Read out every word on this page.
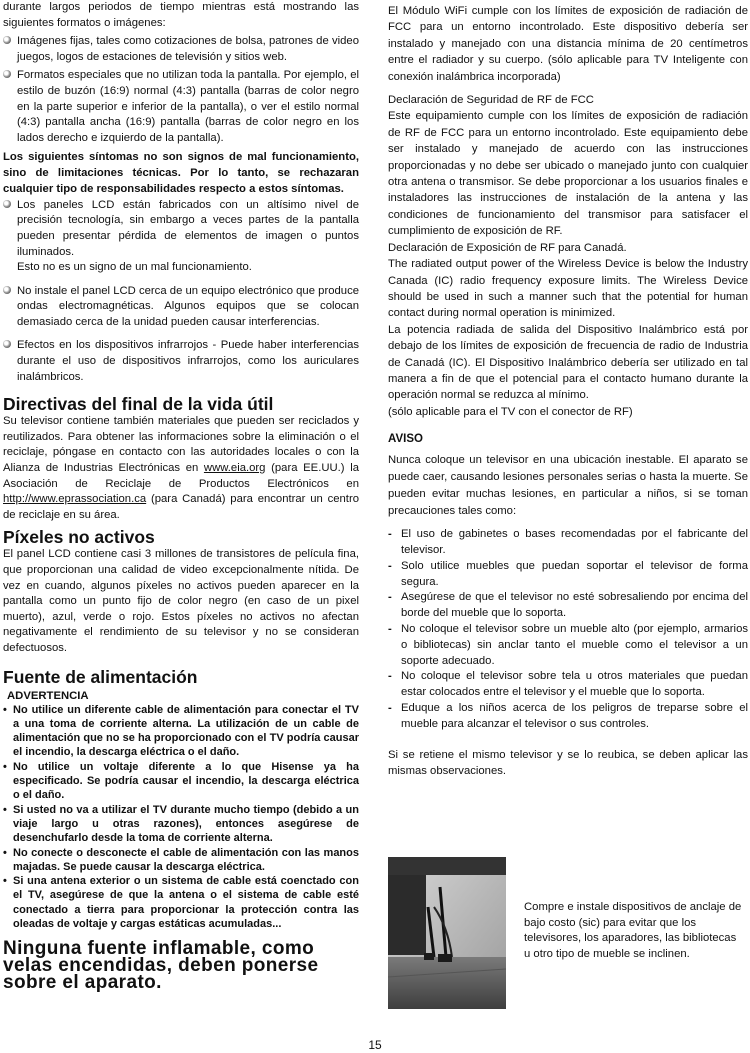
durante largos periodos de tiempo mientras está mostrando las siguientes formatos o imágenes:

Imágenes fijas, tales como cotizaciones de bolsa, patrones de video juegos, logos de estaciones de televisión y sitios web.
Formatos especiales que no utilizan toda la pantalla. Por ejemplo, el estilo de buzón (16:9) normal (4:3) pantalla (barras de color negro en la parte superior e inferior de la pantalla), o ver el estilo normal (4:3) pantalla ancha (16:9) pantalla (barras de color negro en los lados derecho e izquierdo de la pantalla).

Los siguientes síntomas no son signos de mal funcionamiento, sino de limitaciones técnicas. Por lo tanto, se rechazaran cualquier tipo de responsabilidades respecto a estos síntomas.

Los paneles LCD están fabricados con un altísimo nivel de precisión tecnología, sin embargo a veces partes de la pantalla pueden presentar pérdida de elementos de imagen o puntos iluminados.
Esto no es un signo de un mal funcionamiento.
No instale el panel LCD cerca de un equipo electrónico que produce ondas electromagnéticas. Algunos equipos que se colocan demasiado cerca de la unidad pueden causar interferencias.
Efectos en los dispositivos infrarrojos - Puede haber interferencias durante el uso de dispositivos infrarrojos, como los auriculares inalámbricos.
Directivas del final de la vida útil

Su televisor contiene también materiales que pueden ser reciclados y reutilizados. Para obtener las informaciones sobre la eliminación o el reciclaje, póngase en contacto con las autoridades locales o con la Alianza de Industrias Electrónicas en www.eia.org (para EE.UU.) la Asociación de Reciclaje de Productos Electrónicos en http://www.eprassociation.ca (para Canadá) para encontrar un centro de reciclaje en su área.

Píxeles no activos

El panel LCD contiene casi 3 millones de transistores de película fina, que proporcionan una calidad de video excepcionalmente nítida. De vez en cuando, algunos píxeles no activos pueden aparecer en la pantalla como un punto fijo de color negro (en caso de un pixel muerto), azul, verde o rojo. Estos píxeles no activos no afectan negativamente el rendimiento de su televisor y no se consideran defectuosos.

Fuente de alimentación
ADVERTENCIA
• No utilice un diferente cable de alimentación para conectar el TV a una toma de corriente alterna. La utilización de un cable de alimentación que no se ha proporcionado con el TV podría causar el incendio, la descarga eléctrica o el daño.
• No utilice un voltaje diferente a lo que Hisense ya ha especificado. Se podría causar el incendio, la descarga eléctrica o el daño.
• Si usted no va a utilizar el TV durante mucho tiempo (debido a un viaje largo u otras razones), entonces asegúrese de desenchufarlo desde la toma de corriente alterna.
• No conecte o desconecte el cable de alimentación con las manos majadas. Se puede causar la descarga eléctrica.
• Si una antena exterior o un sistema de cable está coenctado con el TV, asegúrese de que la antena o el sistema de cable esté conectado a tierra para proporcionar la protección contra las oleadas de voltaje y cargas estáticas acumuladas...
Ninguna fuente inflamable, como velas encendidas, deben ponerse sobre el aparato.

El Módulo WiFi cumple con los límites de exposición de radiación de FCC para un entorno incontrolado. Este dispositivo debería ser instalado y manejado con una distancia mínima de 20 centímetros entre el radiador y su cuerpo. (sólo aplicable para TV Inteligente con conexión inalámbrica incorporada)

Declaración de Seguridad de RF de FCC

Este equipamiento cumple con los límites de exposición de radiación de RF de FCC para un entorno incontrolado. Este equipamiento debe ser instalado y manejado de acuerdo con las instrucciones proporcionadas y no debe ser ubicado o manejado junto con cualquier otra antena o transmisor. Se debe proporcionar a los usuarios finales e instaladores las instrucciones de instalación de la antena y las condiciones de funcionamiento del transmisor para satisfacer el cumplimiento de exposición de RF.

Declaración de Exposición de RF para Canadá.

The radiated output power of the Wireless Device is below the Industry Canada (IC) radio frequency exposure limits. The Wireless Device should be used in such a manner such that the potential for human contact during normal operation is minimized.

La potencia radiada de salida del Dispositivo Inalámbrico está por debajo de los límites de exposición de frecuencia de radio de Industria de Canadá (IC). El Dispositivo Inalámbrico debería ser utilizado en tal manera a fin de que el potencial para el contacto humano durante la operación normal se reduzca al mínimo.

(sólo aplicable para el TV con el conector de RF)

AVISO

Nunca coloque un televisor en una ubicación inestable. El aparato se puede caer, causando lesiones personales serias o hasta la muerte. Se pueden evitar muchas lesiones, en particular a niños, si se toman precauciones tales como:

- El uso de gabinetes o bases recomendadas por el fabricante del televisor.
- Solo utilice muebles que puedan soportar el televisor de forma segura.
- Asegúrese de que el televisor no esté sobresaliendo por encima del borde del mueble que lo soporta.
- No coloque el televisor sobre un mueble alto (por ejemplo, armarios o bibliotecas) sin anclar tanto el mueble como el televisor a un soporte adecuado.
- No coloque el televisor sobre tela u otros materiales que puedan estar colocados entre el televisor y el mueble que lo soporta.
- Eduque a los niños acerca de los peligros de treparse sobre el mueble para alcanzar el televisor o sus controles.

Si se retiene el mismo televisor y se lo reubica, se deben aplicar las mismas observaciones.

Compre e instale dispositivos de anclaje de bajo costo (sic) para evitar que los televisores, los aparadores, las bibliotecas u otro tipo de mueble se inclinen.
15
